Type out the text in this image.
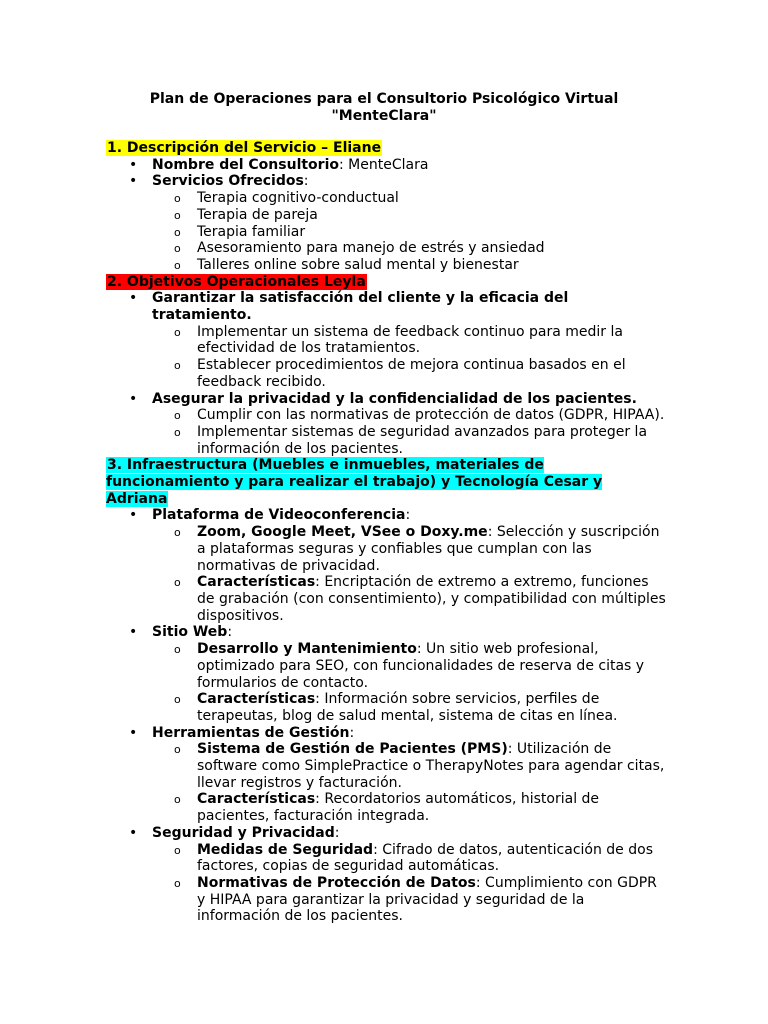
Plan de Operaciones para el Consultorio Psicológico Virtual
"MenteClara"

1. Descripción del Servicio – Eliane

• Nombre del Consultorio: MenteClara

• Servicios Ofrecidos:

o Terapia cognitivo-conductual

o Terapia de pareja

o Terapia familiar

o Asesoramiento para manejo de estrés y ansiedad

o Talleres online sobre salud mental y bienestar

2. Objetivos Operacionales Leyla

• Garantizar la satisfacción del cliente y la eficacia del tratamiento.

o Implementar un sistema de feedback continuo para medir la efectividad de los tratamientos.

o Establecer procedimientos de mejora continua basados en el feedback recibido.

• Asegurar la privacidad y la confidencialidad de los pacientes.

o Cumplir con las normativas de protección de datos (GDPR, HIPAA).

o Implementar sistemas de seguridad avanzados para proteger la información de los pacientes.

3. Infraestructura (Muebles e inmuebles, materiales de funcionamiento y para realizar el trabajo) y Tecnología Cesar y Adriana

• Plataforma de Videoconferencia:

o Zoom, Google Meet, VSee o Doxy.me: Selección y suscripción a plataformas seguras y confiables que cumplan con las normativas de privacidad.

o Características: Encriptación de extremo a extremo, funciones de grabación (con consentimiento), y compatibilidad con múltiples dispositivos.

• Sitio Web:

o Desarrollo y Mantenimiento: Un sitio web profesional, optimizado para SEO, con funcionalidades de reserva de citas y formularios de contacto.

o Características: Información sobre servicios, perfiles de terapeutas, blog de salud mental, sistema de citas en línea.

• Herramientas de Gestión:

o Sistema de Gestión de Pacientes (PMS): Utilización de software como SimplePractice o TherapyNotes para agendar citas, llevar registros y facturación.

o Características: Recordatorios automáticos, historial de pacientes, facturación integrada.

• Seguridad y Privacidad:

o Medidas de Seguridad: Cifrado de datos, autenticación de dos factores, copias de seguridad automáticas.

o Normativas de Protección de Datos: Cumplimiento con GDPR y HIPAA para garantizar la privacidad y seguridad de la información de los pacientes.
